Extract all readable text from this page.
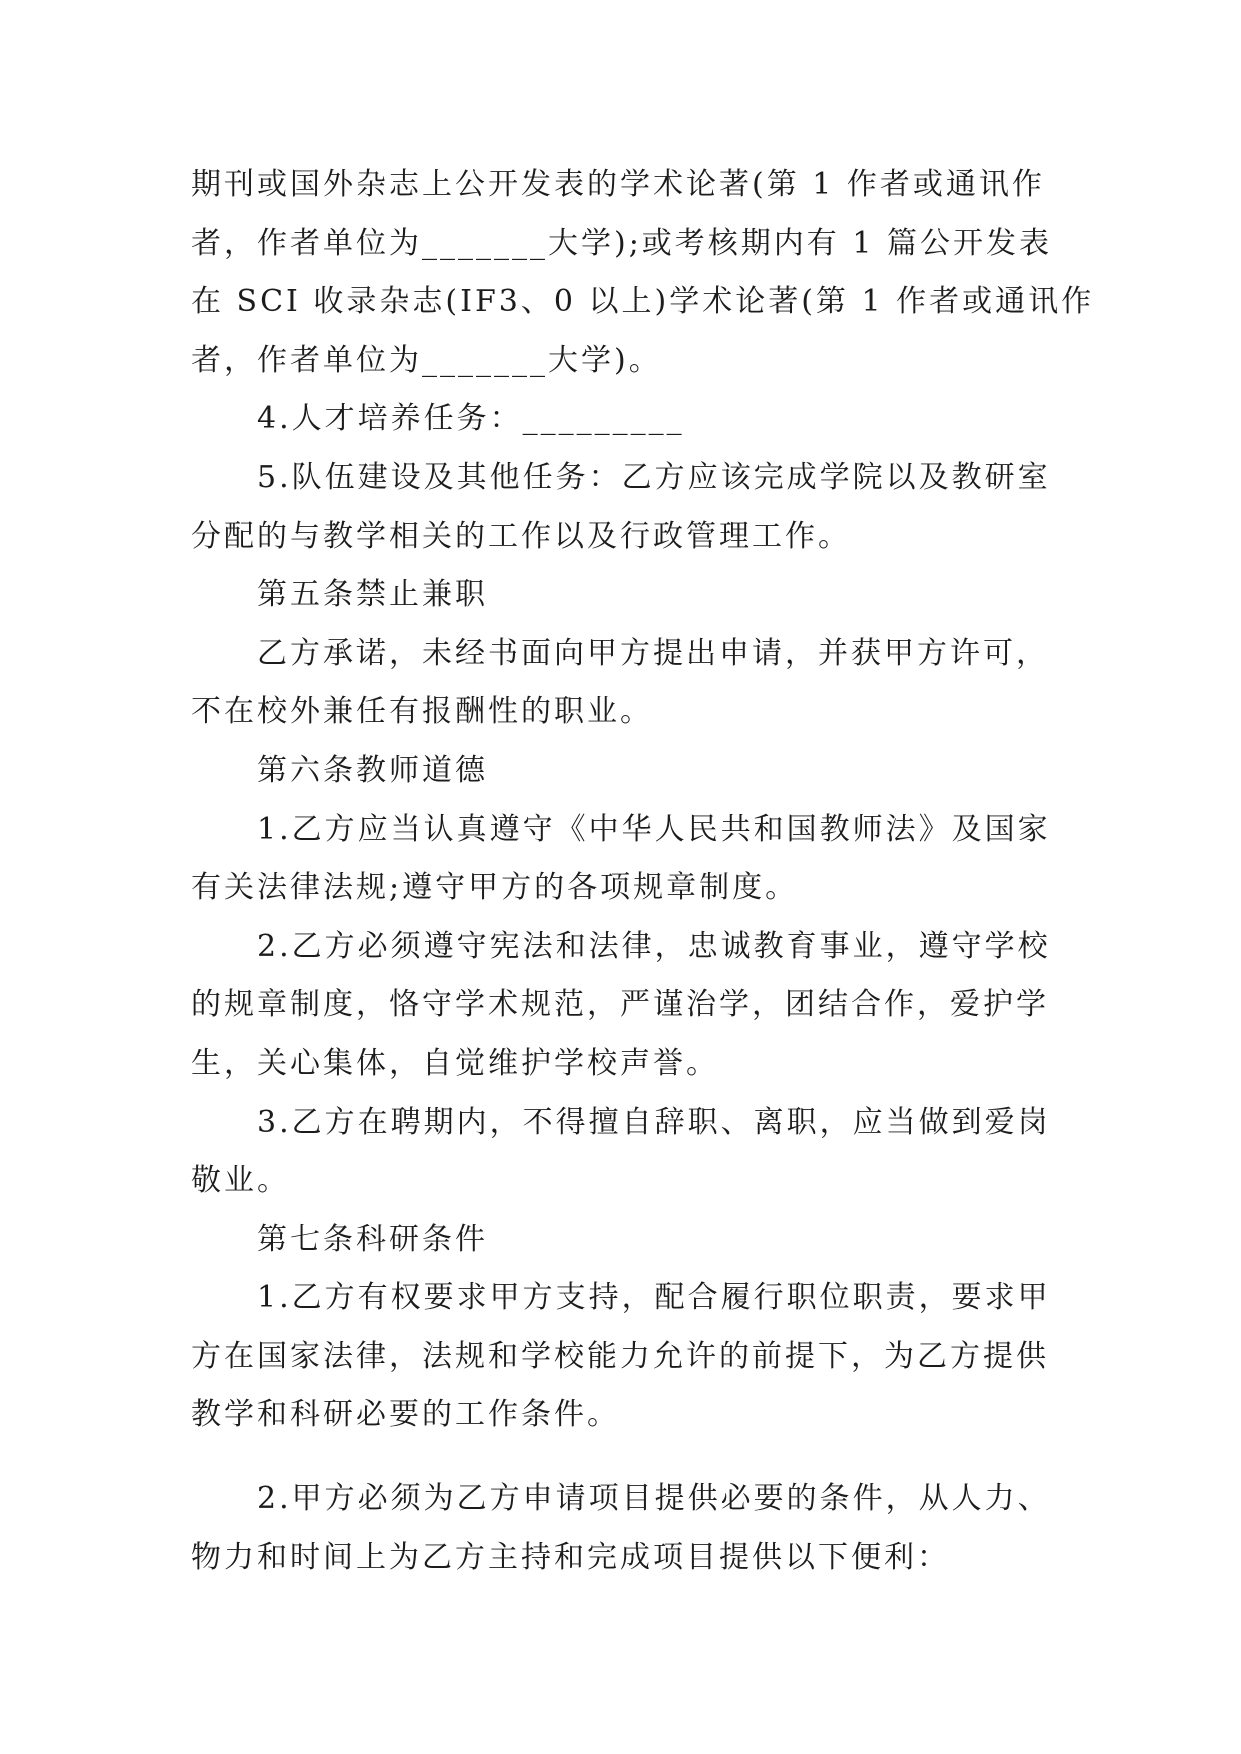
期刊或国外杂志上公开发表的学术论著(第 1 作者或通讯作
者，作者单位为_______大学);或考核期内有 1 篇公开发表
在 SCI 收录杂志(IF3、0 以上)学术论著(第 1 作者或通讯作
者，作者单位为_______大学)。
4.人才培养任务：_________
5.队伍建设及其他任务：乙方应该完成学院以及教研室
分配的与教学相关的工作以及行政管理工作。
第五条禁止兼职
乙方承诺，未经书面向甲方提出申请，并获甲方许可，
不在校外兼任有报酬性的职业。
第六条教师道德
1.乙方应当认真遵守《中华人民共和国教师法》及国家
有关法律法规;遵守甲方的各项规章制度。
2.乙方必须遵守宪法和法律，忠诚教育事业，遵守学校
的规章制度，恪守学术规范，严谨治学，团结合作，爱护学
生，关心集体，自觉维护学校声誉。
3.乙方在聘期内，不得擅自辞职、离职，应当做到爱岗
敬业。
第七条科研条件
1.乙方有权要求甲方支持，配合履行职位职责，要求甲
方在国家法律，法规和学校能力允许的前提下，为乙方提供
教学和科研必要的工作条件。
2.甲方必须为乙方申请项目提供必要的条件，从人力、
物力和时间上为乙方主持和完成项目提供以下便利：
